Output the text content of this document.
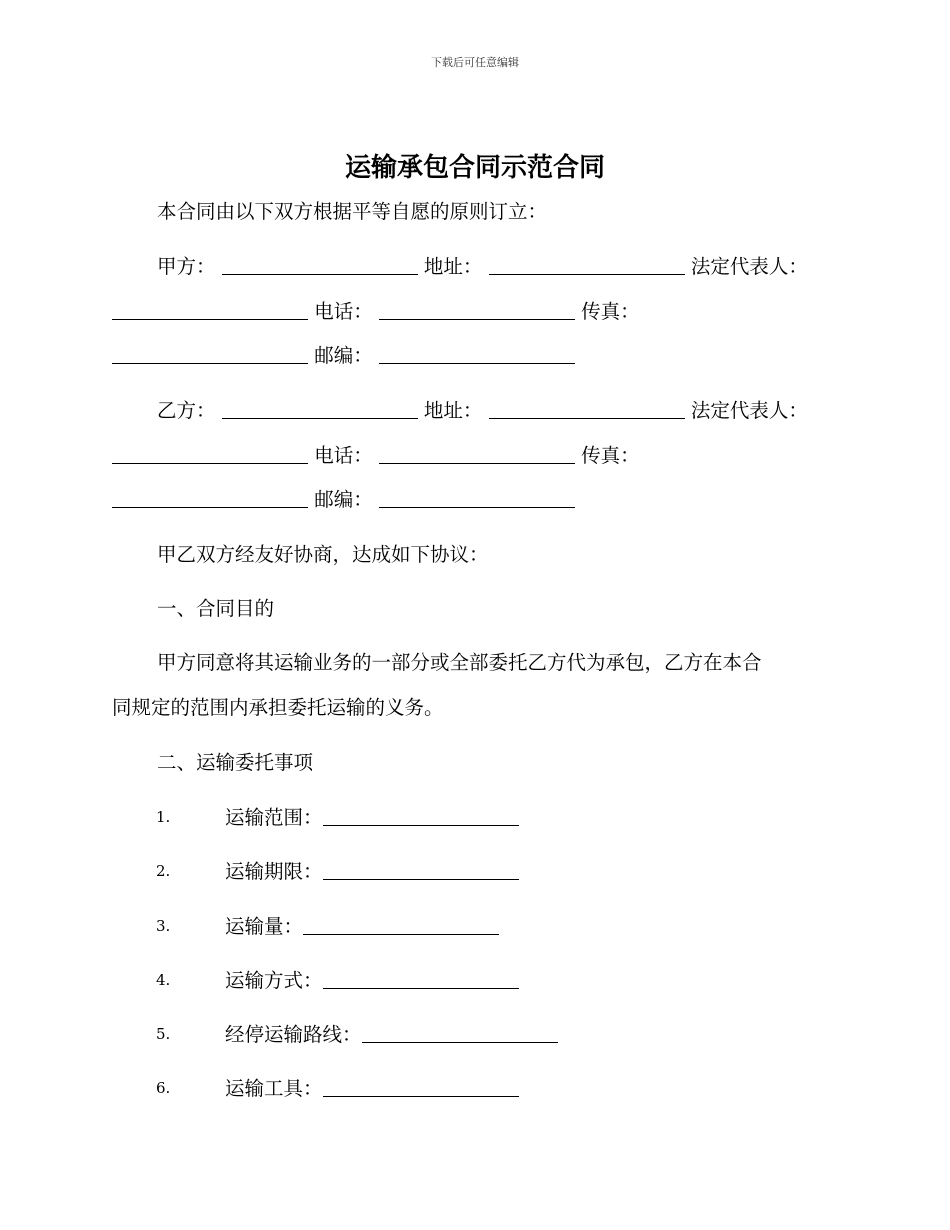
下载后可任意编辑
运输承包合同示范合同
本合同由以下双方根据平等自愿的原则订立：
甲方：	地址：	法定代表人：
电话：	传真：
邮编：
乙方：	地址：	法定代表人：
电话：	传真：
邮编：
甲乙双方经友好协商，达成如下协议：
一、合同目的
甲方同意将其运输业务的一部分或全部委托乙方代为承包，乙方在本合
同规定的范围内承担委托运输的义务。
二、运输委托事项
1.	运输范围：
2.	运输期限：
3.	运输量：
4.	运输方式：
5.	经停运输路线：
6.	运输工具：
